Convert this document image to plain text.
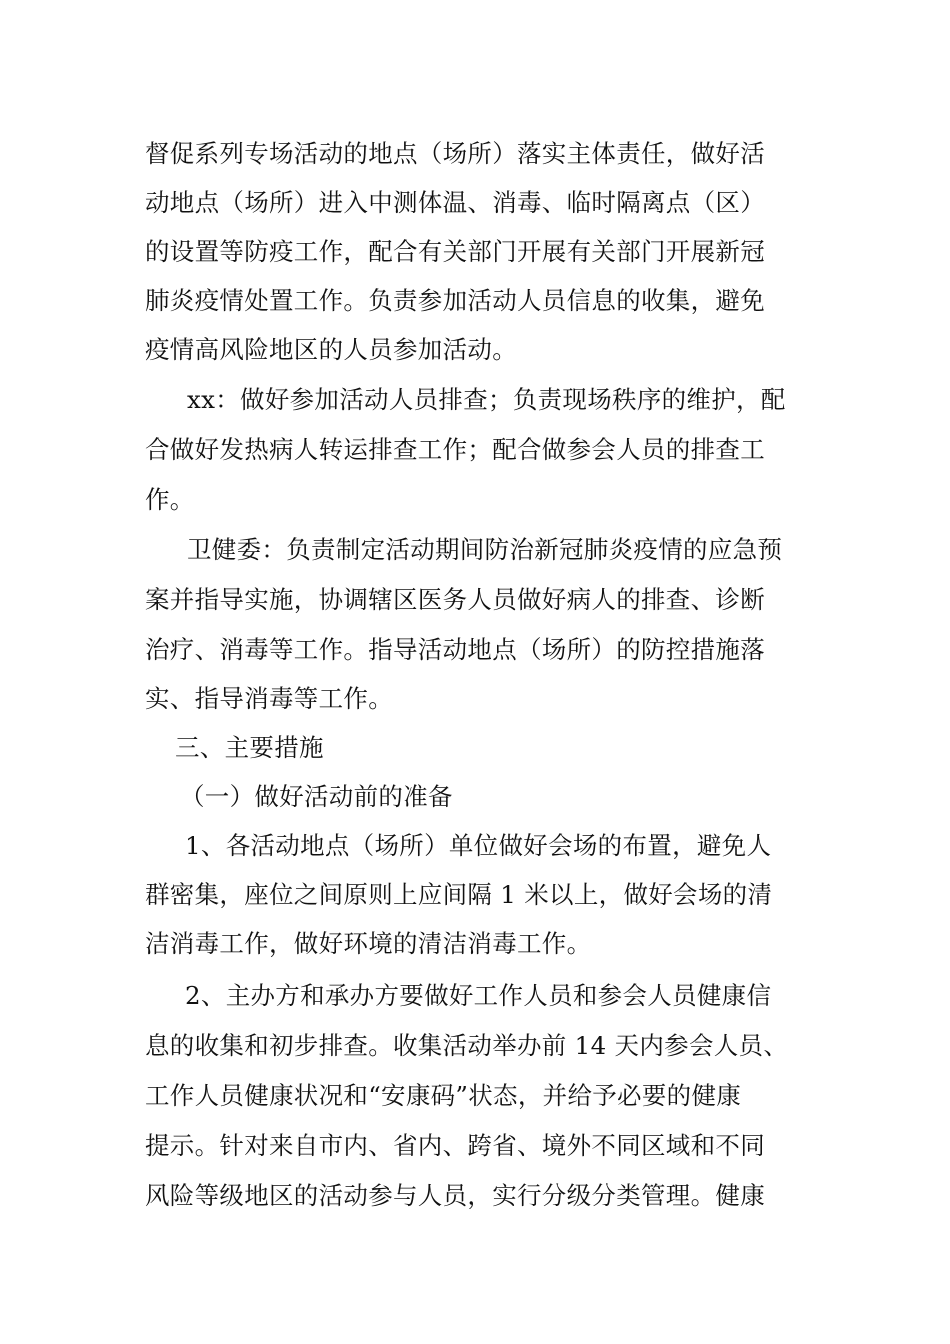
督促系列专场活动的地点（场所）落实主体责任，做好活
动地点（场所）进入中测体温、消毒、临时隔离点（区）
的设置等防疫工作，配合有关部门开展有关部门开展新冠
肺炎疫情处置工作。负责参加活动人员信息的收集，避免
疫情高风险地区的人员参加活动。
xx：做好参加活动人员排查；负责现场秩序的维护，配
合做好发热病人转运排查工作；配合做参会人员的排查工
作。
卫健委：负责制定活动期间防治新冠肺炎疫情的应急预
案并指导实施，协调辖区医务人员做好病人的排查、诊断
治疗、消毒等工作。指导活动地点（场所）的防控措施落
实、指导消毒等工作。
三、主要措施
（一）做好活动前的准备
1、各活动地点（场所）单位做好会场的布置，避免人
群密集，座位之间原则上应间隔 1 米以上，做好会场的清
洁消毒工作，做好环境的清洁消毒工作。
2、主办方和承办方要做好工作人员和参会人员健康信
息的收集和初步排查。收集活动举办前 14 天内参会人员、
工作人员健康状况和“安康码”状态，并给予必要的健康
提示。针对来自市内、省内、跨省、境外不同区域和不同
风险等级地区的活动参与人员，实行分级分类管理。健康
